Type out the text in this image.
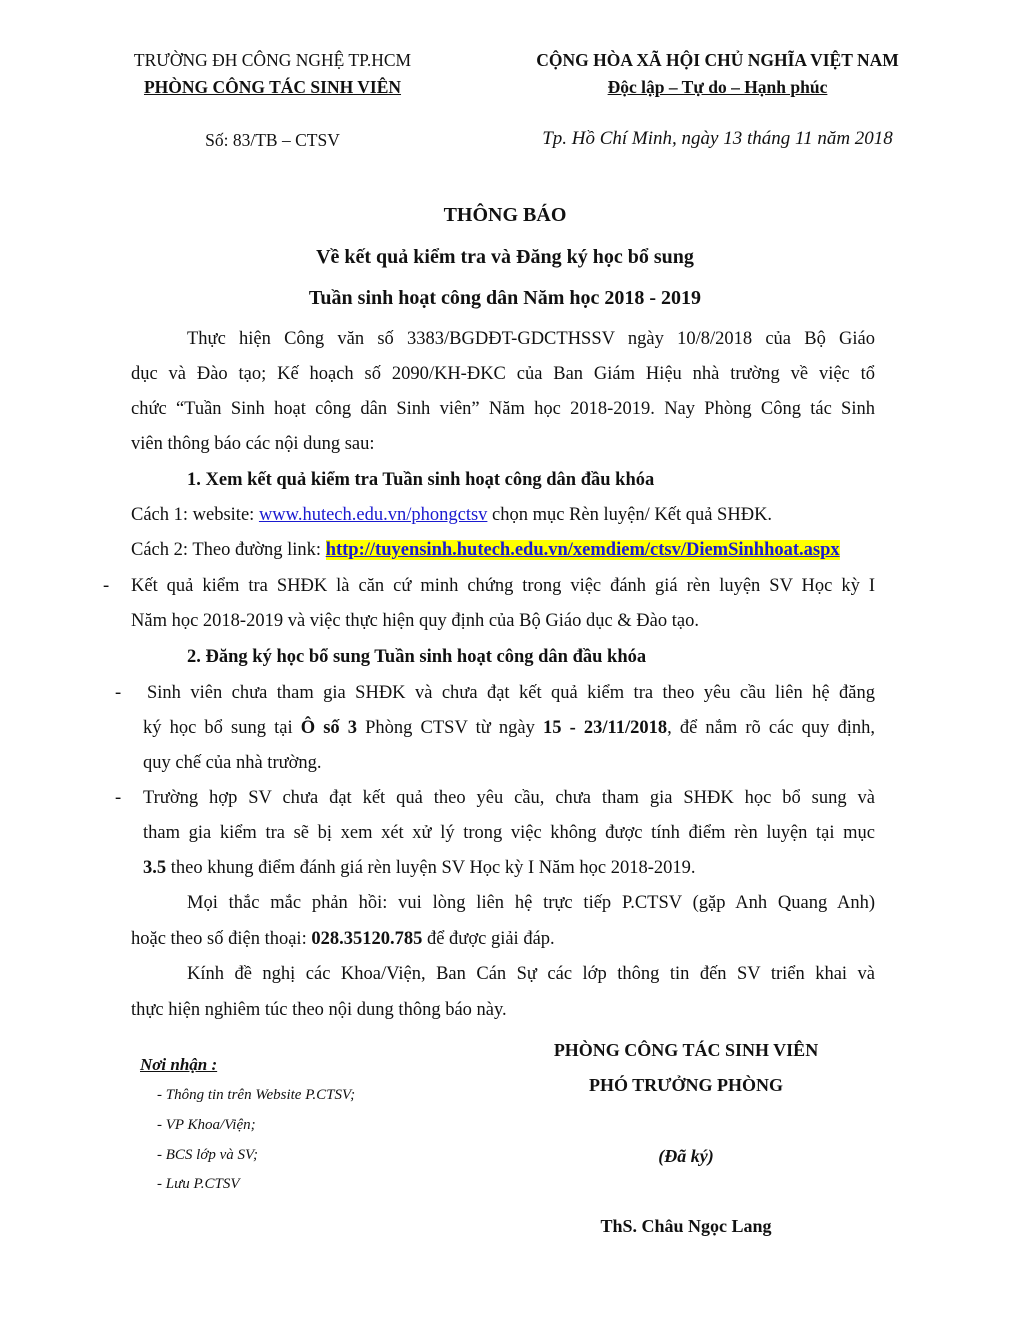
TRƯỜNG ĐH CÔNG NGHỆ TP.HCM
PHÒNG CÔNG TÁC SINH VIÊN
CỘNG HÒA XÃ HỘI CHỦ NGHĨA VIỆT NAM
Độc lập – Tự do – Hạnh phúc
Số: 83/TB – CTSV	Tp. Hồ Chí Minh, ngày 13 tháng 11 năm 2018
THÔNG BÁO
Về kết quả kiểm tra và Đăng ký học bổ sung
Tuần sinh hoạt công dân Năm học 2018 - 2019
Thực hiện Công văn số 3383/BGDĐT-GDCTHSSV ngày 10/8/2018 của Bộ Giáo
dục và Đào tạo; Kế hoạch số 2090/KH-ĐKC của Ban Giám Hiệu nhà trường về việc tổ
chức “Tuần Sinh hoạt công dân Sinh viên” Năm học 2018-2019. Nay Phòng Công tác Sinh
viên thông báo các nội dung sau:
1. Xem kết quả kiểm tra Tuần sinh hoạt công dân đầu khóa
Cách 1: website: www.hutech.edu.vn/phongctsv chọn mục Rèn luyện/ Kết quả SHĐK.
Cách 2: Theo đường link: http://tuyensinh.hutech.edu.vn/xemdiem/ctsv/DiemSinhhoat.aspx
- Kết quả kiểm tra SHĐK là căn cứ minh chứng trong việc đánh giá rèn luyện SV Học kỳ I
Năm học 2018-2019 và việc thực hiện quy định của Bộ Giáo dục & Đào tạo.
2. Đăng ký học bổ sung Tuần sinh hoạt công dân đầu khóa
- Sinh viên chưa tham gia SHĐK và chưa đạt kết quả kiểm tra theo yêu cầu liên hệ đăng
ký học bổ sung tại Ô số 3 Phòng CTSV từ ngày 15 - 23/11/2018, để nắm rõ các quy định,
quy chế của nhà trường.
- Trường hợp SV chưa đạt kết quả theo yêu cầu, chưa tham gia SHĐK học bổ sung và
tham gia kiểm tra sẽ bị xem xét xử lý trong việc không được tính điểm rèn luyện tại mục
3.5 theo khung điểm đánh giá rèn luyện SV Học kỳ I Năm học 2018-2019.
Mọi thắc mắc phản hồi: vui lòng liên hệ trực tiếp P.CTSV (gặp Anh Quang Anh)
hoặc theo số điện thoại: 028.35120.785 để được giải đáp.
Kính đề nghị các Khoa/Viện, Ban Cán Sự các lớp thông tin đến SV triển khai và
thực hiện nghiêm túc theo nội dung thông báo này.
Nơi nhận :
- Thông tin trên Website P.CTSV;
- VP Khoa/Viện;
- BCS lớp và SV;
- Lưu P.CTSV
PHÒNG CÔNG TÁC SINH VIÊN
PHÓ TRƯỞNG PHÒNG
(Đã ký)
ThS. Châu Ngọc Lang
